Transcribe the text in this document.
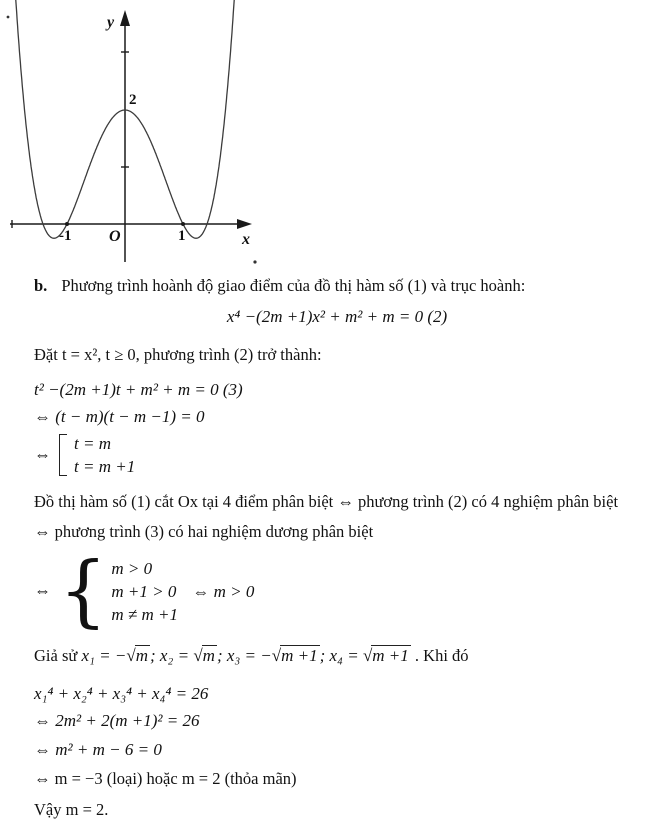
y
x
O
2
-1	1
b. Phương trình hoành độ giao điểm của đồ thị hàm số (1) và trục hoành:
x⁴ −(2m +1)x² + m² + m = 0 (2)
Đặt t = x², t ≥ 0, phương trình (2) trở thành:
t² −(2m +1)t + m² + m = 0 (3)
⇔ (t − m)(t − m −1) = 0
⇔
t = m
t = m +1
Đồ thị hàm số (1) cắt Ox tại 4 điểm phân biệt ⇔ phương trình (2) có 4 nghiệm phân biệt
⇔ phương trình (3) có hai nghiệm dương phân biệt
⇔ { m > 0
m +1 > 0 ⇔ m > 0
m ≠ m +1
Giả sử x₁ = −√m ; x₂ = √m ; x₃ = −√m +1 ; x₄ = √m +1 . Khi đó
x₁⁴ + x₂⁴ + x₃⁴ + x₄⁴ = 26
⇔ 2m² + 2(m +1)² = 26
⇔ m² + m − 6 = 0
⇔ m = −3 (loại) hoặc m = 2 (thỏa mãn)
Vậy m = 2.
